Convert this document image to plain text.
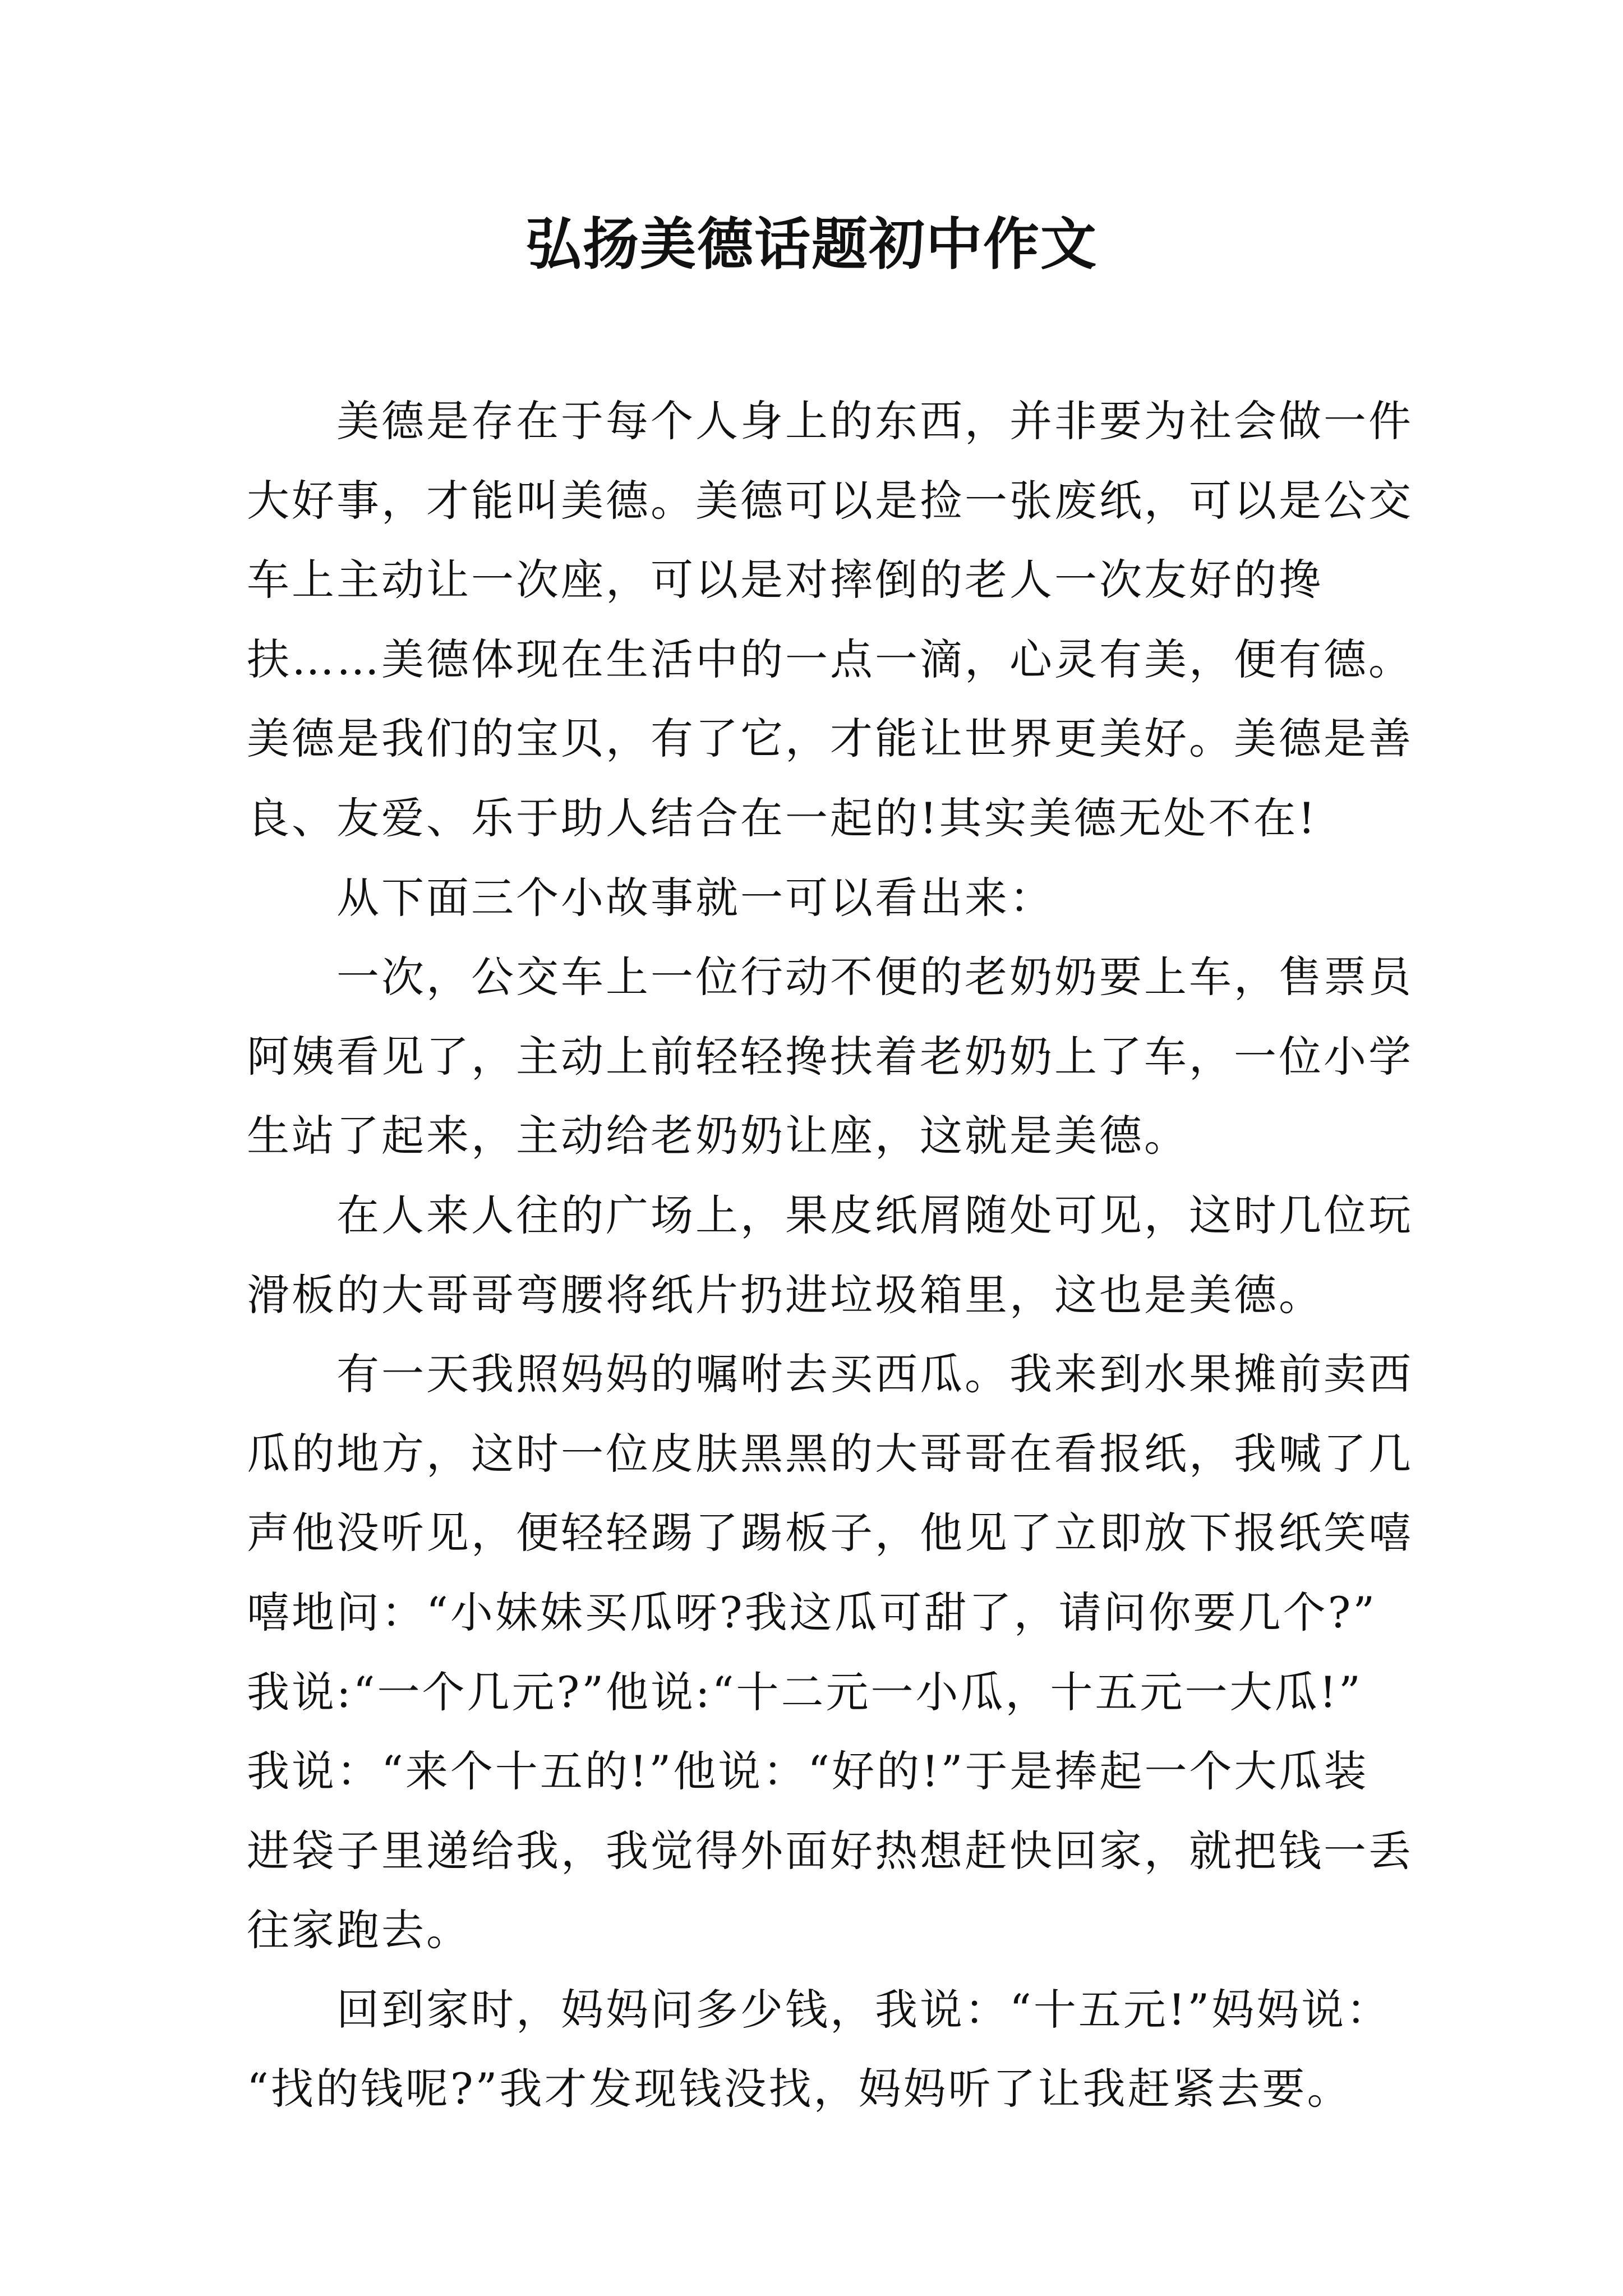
弘扬美德话题初中作文
美德是存在于每个人身上的东西，并非要为社会做一件
大好事，才能叫美德。美德可以是捡一张废纸，可以是公交
车上主动让一次座，可以是对摔倒的老人一次友好的搀
扶……美德体现在生活中的一点一滴，心灵有美，便有德。
美德是我们的宝贝，有了它，才能让世界更美好。美德是善
良、友爱、乐于助人结合在一起的!其实美德无处不在!
从下面三个小故事就一可以看出来：
一次，公交车上一位行动不便的老奶奶要上车，售票员
阿姨看见了，主动上前轻轻搀扶着老奶奶上了车，一位小学
生站了起来，主动给老奶奶让座，这就是美德。
在人来人往的广场上，果皮纸屑随处可见，这时几位玩
滑板的大哥哥弯腰将纸片扔进垃圾箱里，这也是美德。
有一天我照妈妈的嘱咐去买西瓜。我来到水果摊前卖西
瓜的地方，这时一位皮肤黑黑的大哥哥在看报纸，我喊了几
声他没听见，便轻轻踢了踢板子，他见了立即放下报纸笑嘻
嘻地问：“小妹妹买瓜呀?我这瓜可甜了，请问你要几个?”
我说:“一个几元?”他说:“十二元一小瓜，十五元一大瓜!”
我说：“来个十五的!”他说：“好的!”于是捧起一个大瓜装
进袋子里递给我，我觉得外面好热想赶快回家，就把钱一丢
往家跑去。
回到家时，妈妈问多少钱，我说：“十五元!”妈妈说：
“找的钱呢?”我才发现钱没找，妈妈听了让我赶紧去要。
